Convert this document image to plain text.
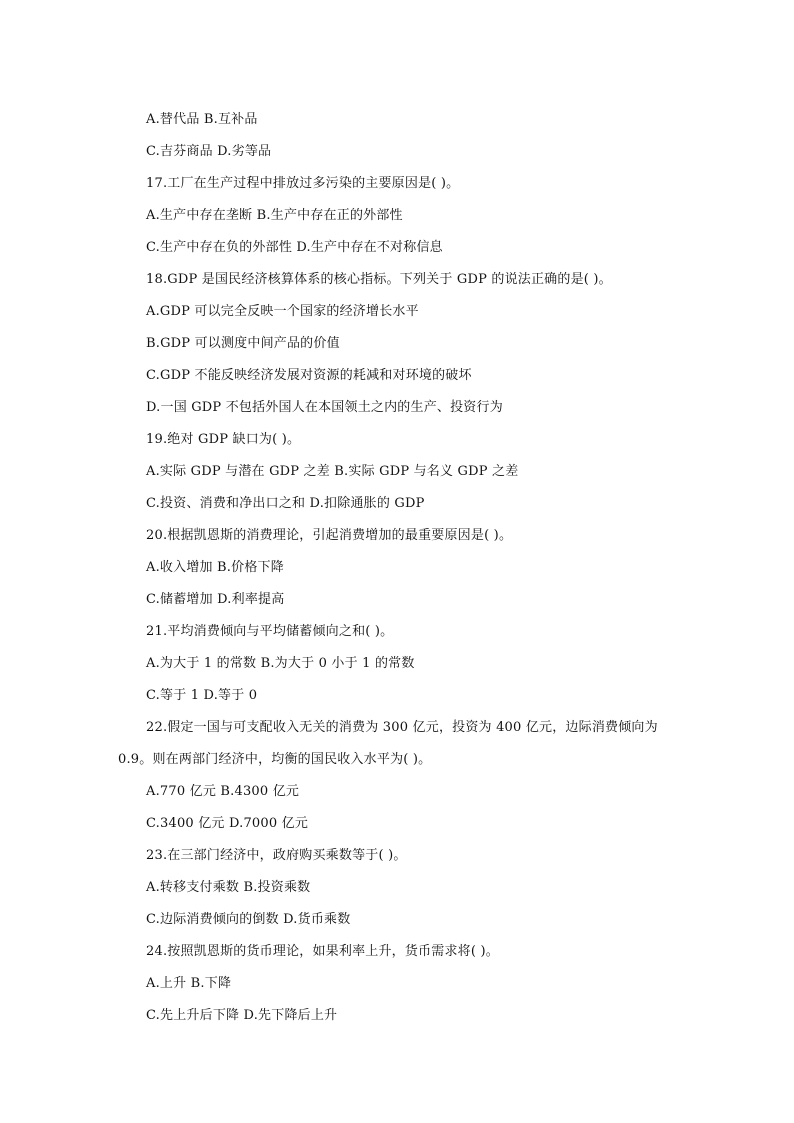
A.替代品 B.互补品
C.吉芬商品 D.劣等品
17.工厂在生产过程中排放过多污染的主要原因是( )。
A.生产中存在垄断 B.生产中存在正的外部性
C.生产中存在负的外部性 D.生产中存在不对称信息
18.GDP 是国民经济核算体系的核心指标。下列关于 GDP 的说法正确的是( )。
A.GDP 可以完全反映一个国家的经济增长水平
B.GDP 可以测度中间产品的价值
C.GDP 不能反映经济发展对资源的耗减和对环境的破坏
D.一国 GDP 不包括外国人在本国领土之内的生产、投资行为
19.绝对 GDP 缺口为( )。
A.实际 GDP 与潜在 GDP 之差 B.实际 GDP 与名义 GDP 之差
C.投资、消费和净出口之和 D.扣除通胀的 GDP
20.根据凯恩斯的消费理论，引起消费增加的最重要原因是( )。
A.收入增加 B.价格下降
C.储蓄增加 D.利率提高
21.平均消费倾向与平均储蓄倾向之和( )。
A.为大于 1 的常数 B.为大于 0 小于 1 的常数
C.等于 1 D.等于 0
22.假定一国与可支配收入无关的消费为 300 亿元，投资为 400 亿元，边际消费倾向为
0.9。则在两部门经济中，均衡的国民收入水平为( )。
A.770 亿元 B.4300 亿元
C.3400 亿元 D.7000 亿元
23.在三部门经济中，政府购买乘数等于( )。
A.转移支付乘数 B.投资乘数
C.边际消费倾向的倒数 D.货币乘数
24.按照凯恩斯的货币理论，如果利率上升，货币需求将( )。
A.上升 B.下降
C.先上升后下降 D.先下降后上升
